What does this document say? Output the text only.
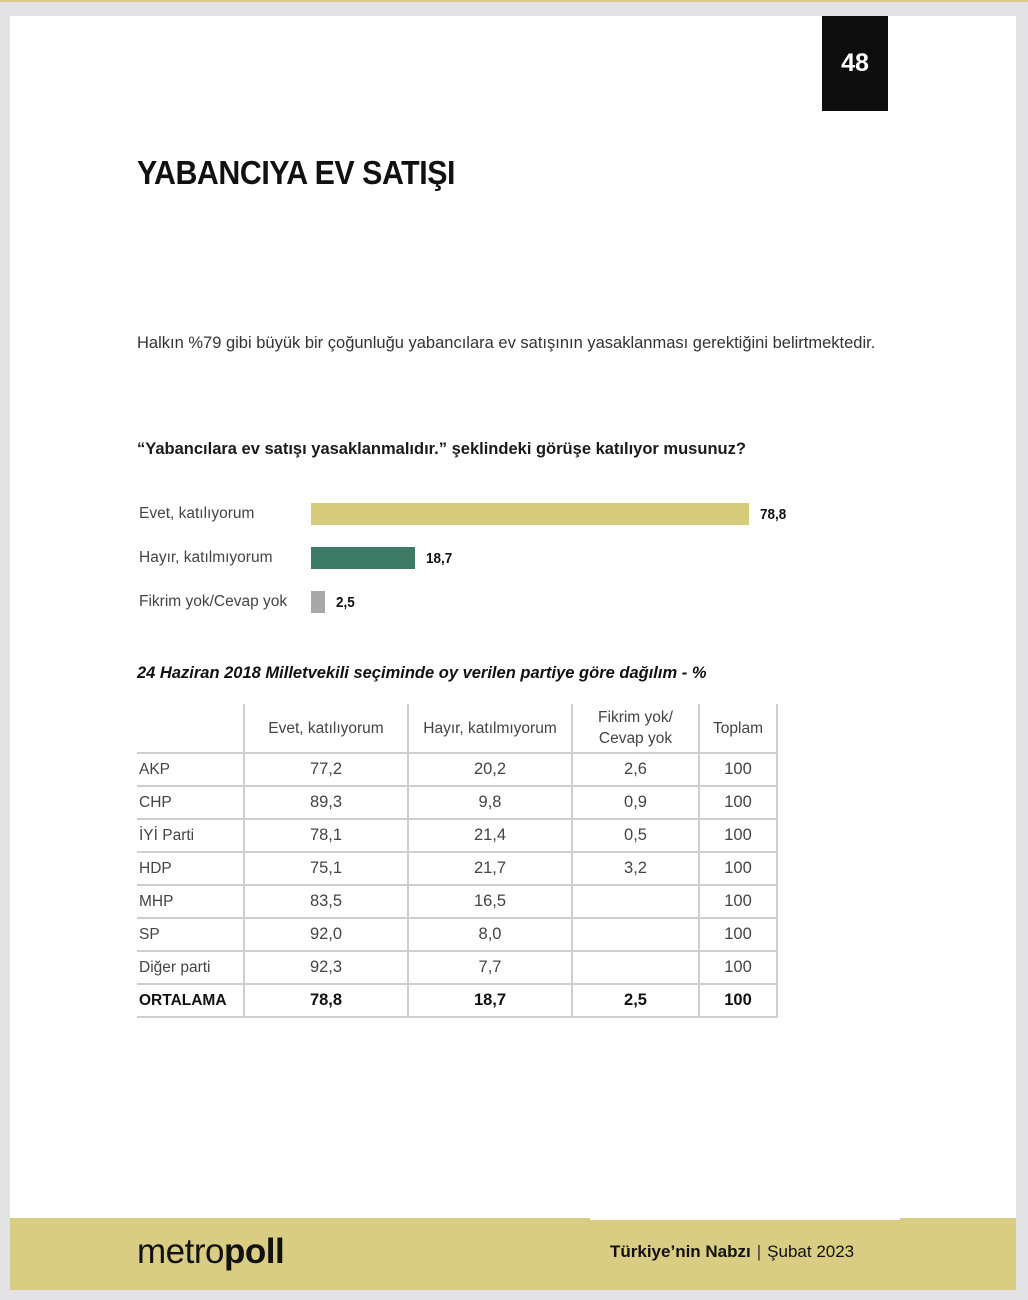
48
YABANCIYA EV SATIŞI
Halkın %79 gibi büyük bir çoğunluğu yabancılara ev satışının yasaklanması gerektiğini belirtmektedir.
“Yabancılara ev satışı yasaklanmalıdır.” şeklindeki görüşe katılıyor musunuz?
Evet, katılıyorum	78,8
Hayır, katılmıyorum	18,7
Fikrim yok/Cevap yok	2,5
24 Haziran 2018 Milletvekili seçiminde oy verilen partiye göre dağılım - %
	Evet, katılıyorum	Hayır, katılmıyorum	Fikrim yok/
Cevap yok	Toplam
AKP	77,2	20,2	2,6	100
CHP	89,3	9,8	0,9	100
İYİ Parti	78,1	21,4	0,5	100
HDP	75,1	21,7	3,2	100
MHP	83,5	16,5		100
SP	92,0	8,0		100
Diğer parti	92,3	7,7		100
ORTALAMA	78,8	18,7	2,5	100
metropoll	Türkiye’nin Nabzı | Şubat 2023
